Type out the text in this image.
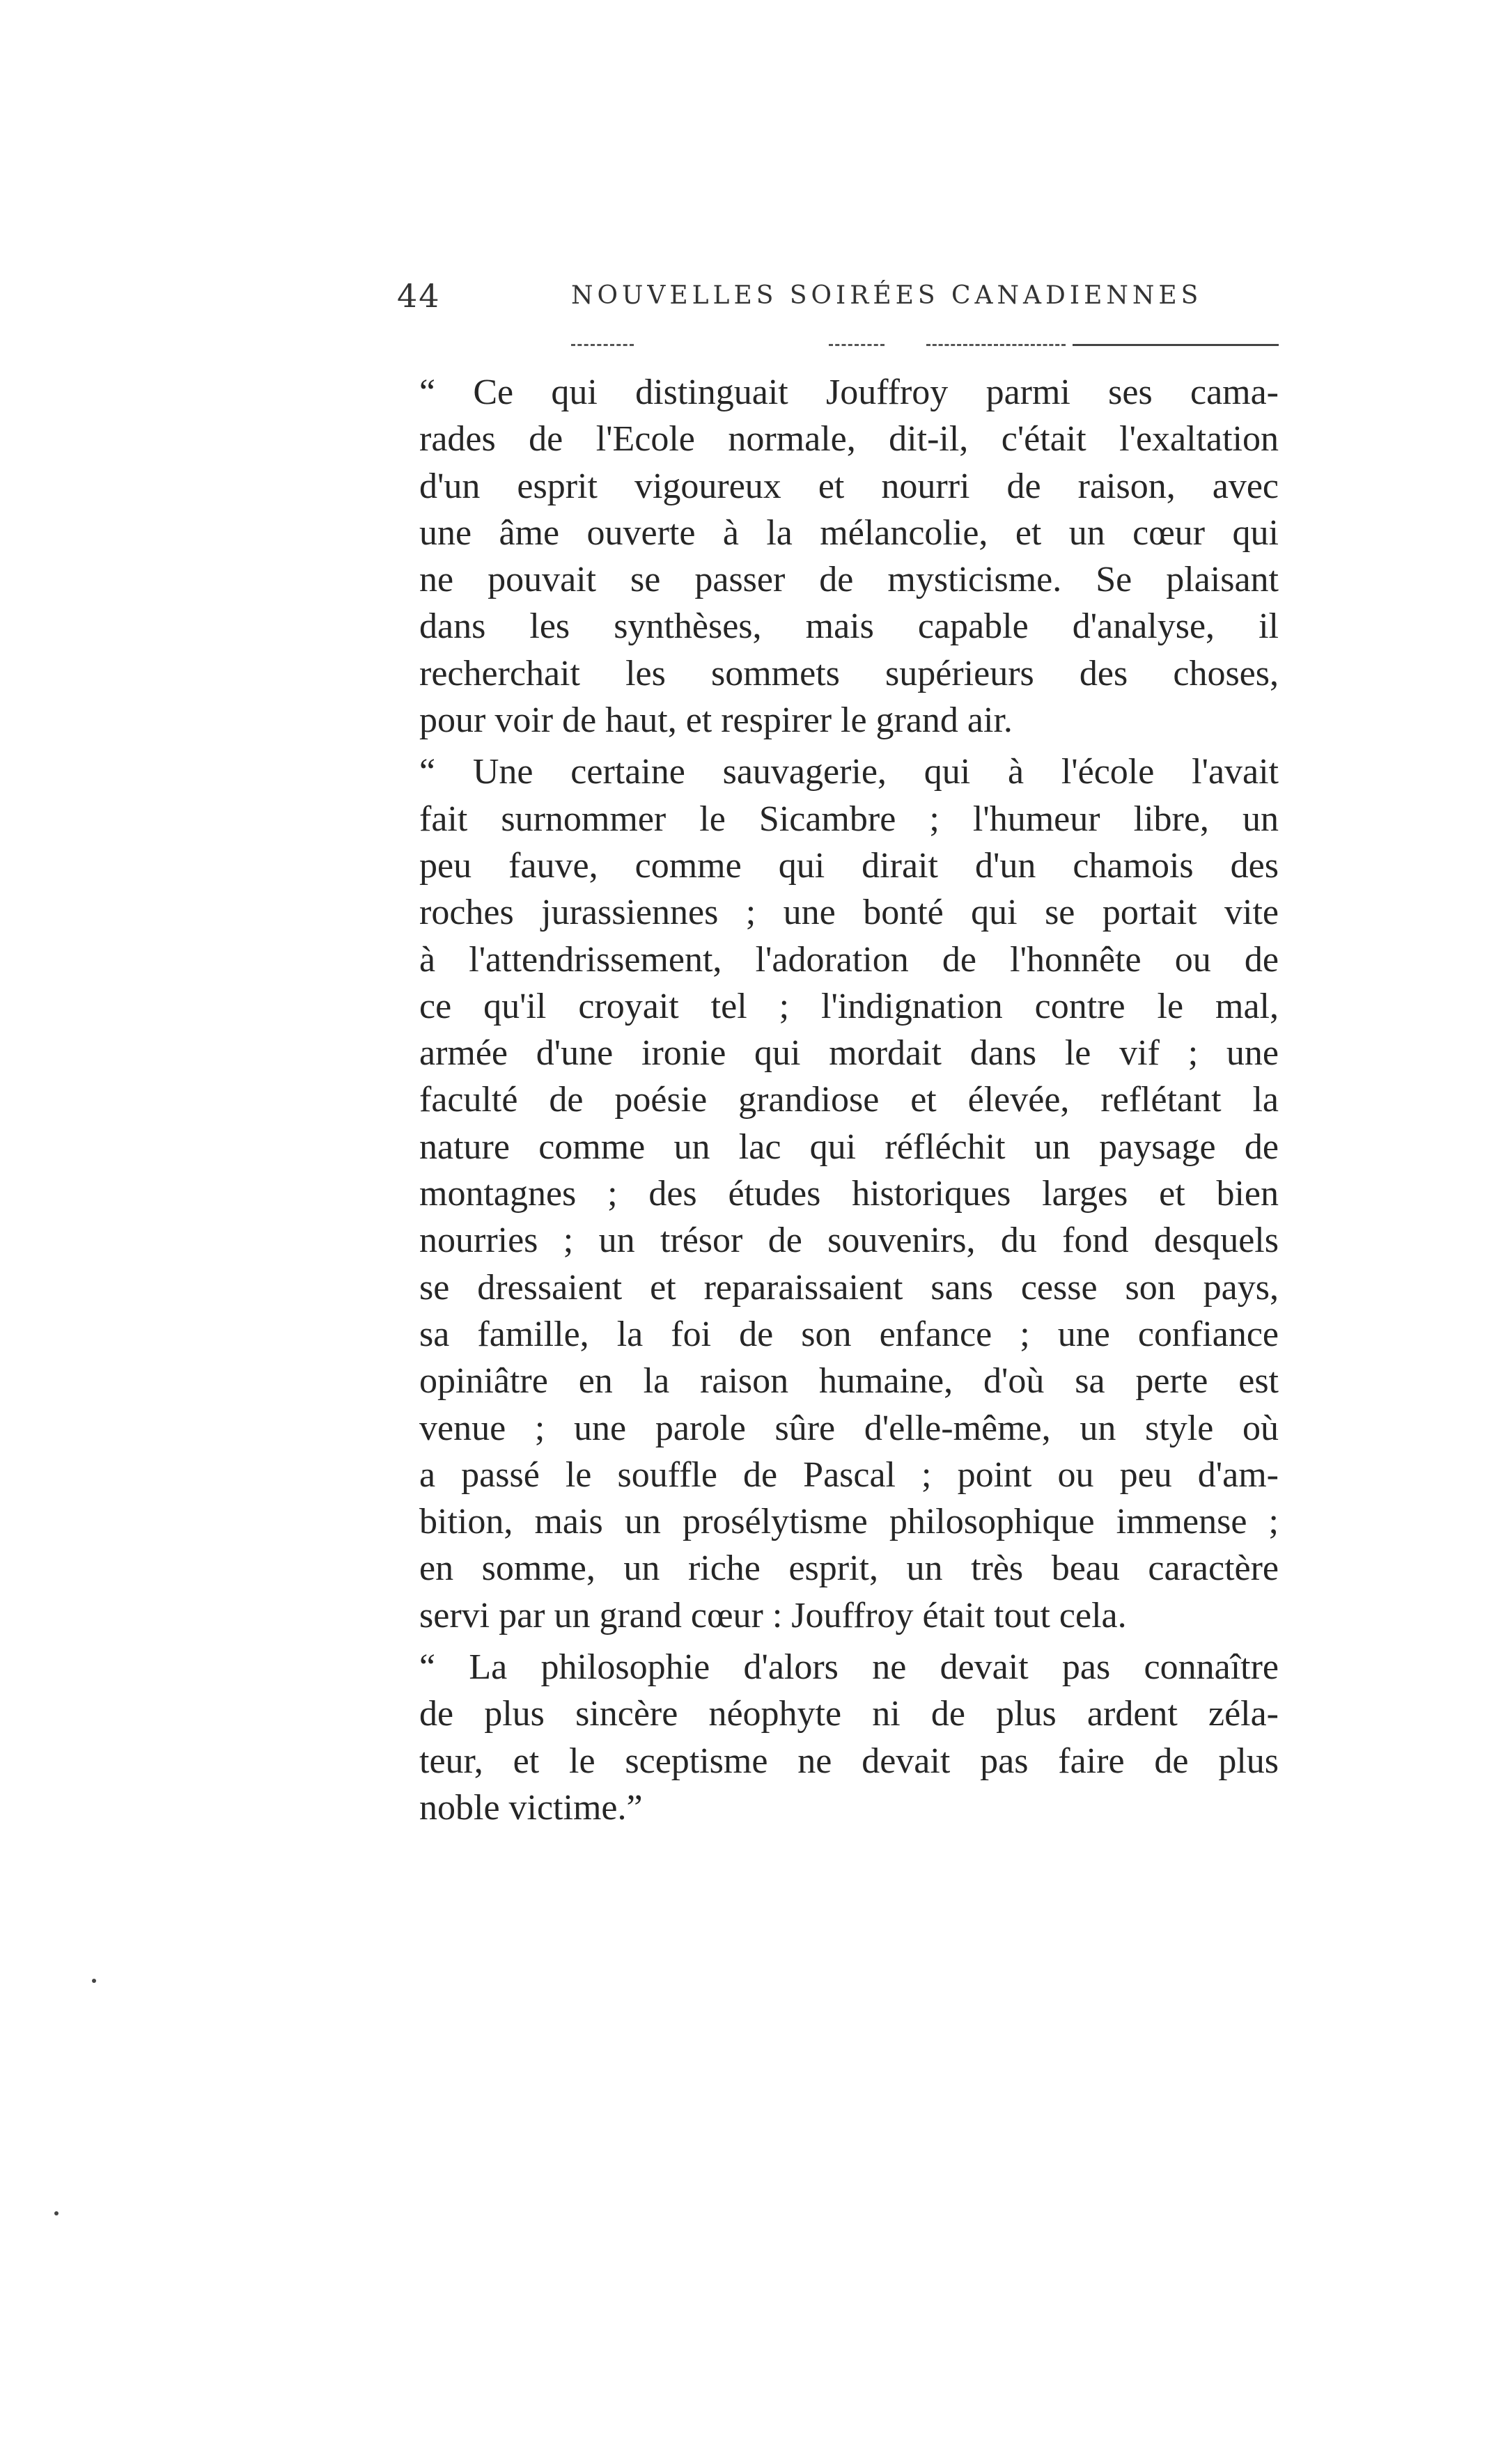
44	NOUVELLES SOIRÉES CANADIENNES
“ Ce qui distinguait Jouffroy parmi ses cama-
rades de l'Ecole normale, dit-il, c'était l'exaltation
d'un esprit vigoureux et nourri de raison, avec
une âme ouverte à la mélancolie, et un cœur qui
ne pouvait se passer de mysticisme. Se plaisant
dans les synthèses, mais capable d'analyse, il
recherchait les sommets supérieurs des choses,
pour voir de haut, et respirer le grand air.
“ Une certaine sauvagerie, qui à l'école l'avait
fait surnommer le Sicambre ; l'humeur libre, un
peu fauve, comme qui dirait d'un chamois des
roches jurassiennes ; une bonté qui se portait vite
à l'attendrissement, l'adoration de l'honnête ou de
ce qu'il croyait tel ; l'indignation contre le mal,
armée d'une ironie qui mordait dans le vif ; une
faculté de poésie grandiose et élevée, reflétant la
nature comme un lac qui réfléchit un paysage de
montagnes ; des études historiques larges et bien
nourries ; un trésor de souvenirs, du fond desquels
se dressaient et reparaissaient sans cesse son pays,
sa famille, la foi de son enfance ; une confiance
opiniâtre en la raison humaine, d'où sa perte est
venue ; une parole sûre d'elle-même, un style où
a passé le souffle de Pascal ; point ou peu d'am-
bition, mais un prosélytisme philosophique immense ;
en somme, un riche esprit, un très beau caractère
servi par un grand cœur : Jouffroy était tout cela.
“ La philosophie d'alors ne devait pas connaître
de plus sincère néophyte ni de plus ardent zéla-
teur, et le sceptisme ne devait pas faire de plus
noble victime.”
